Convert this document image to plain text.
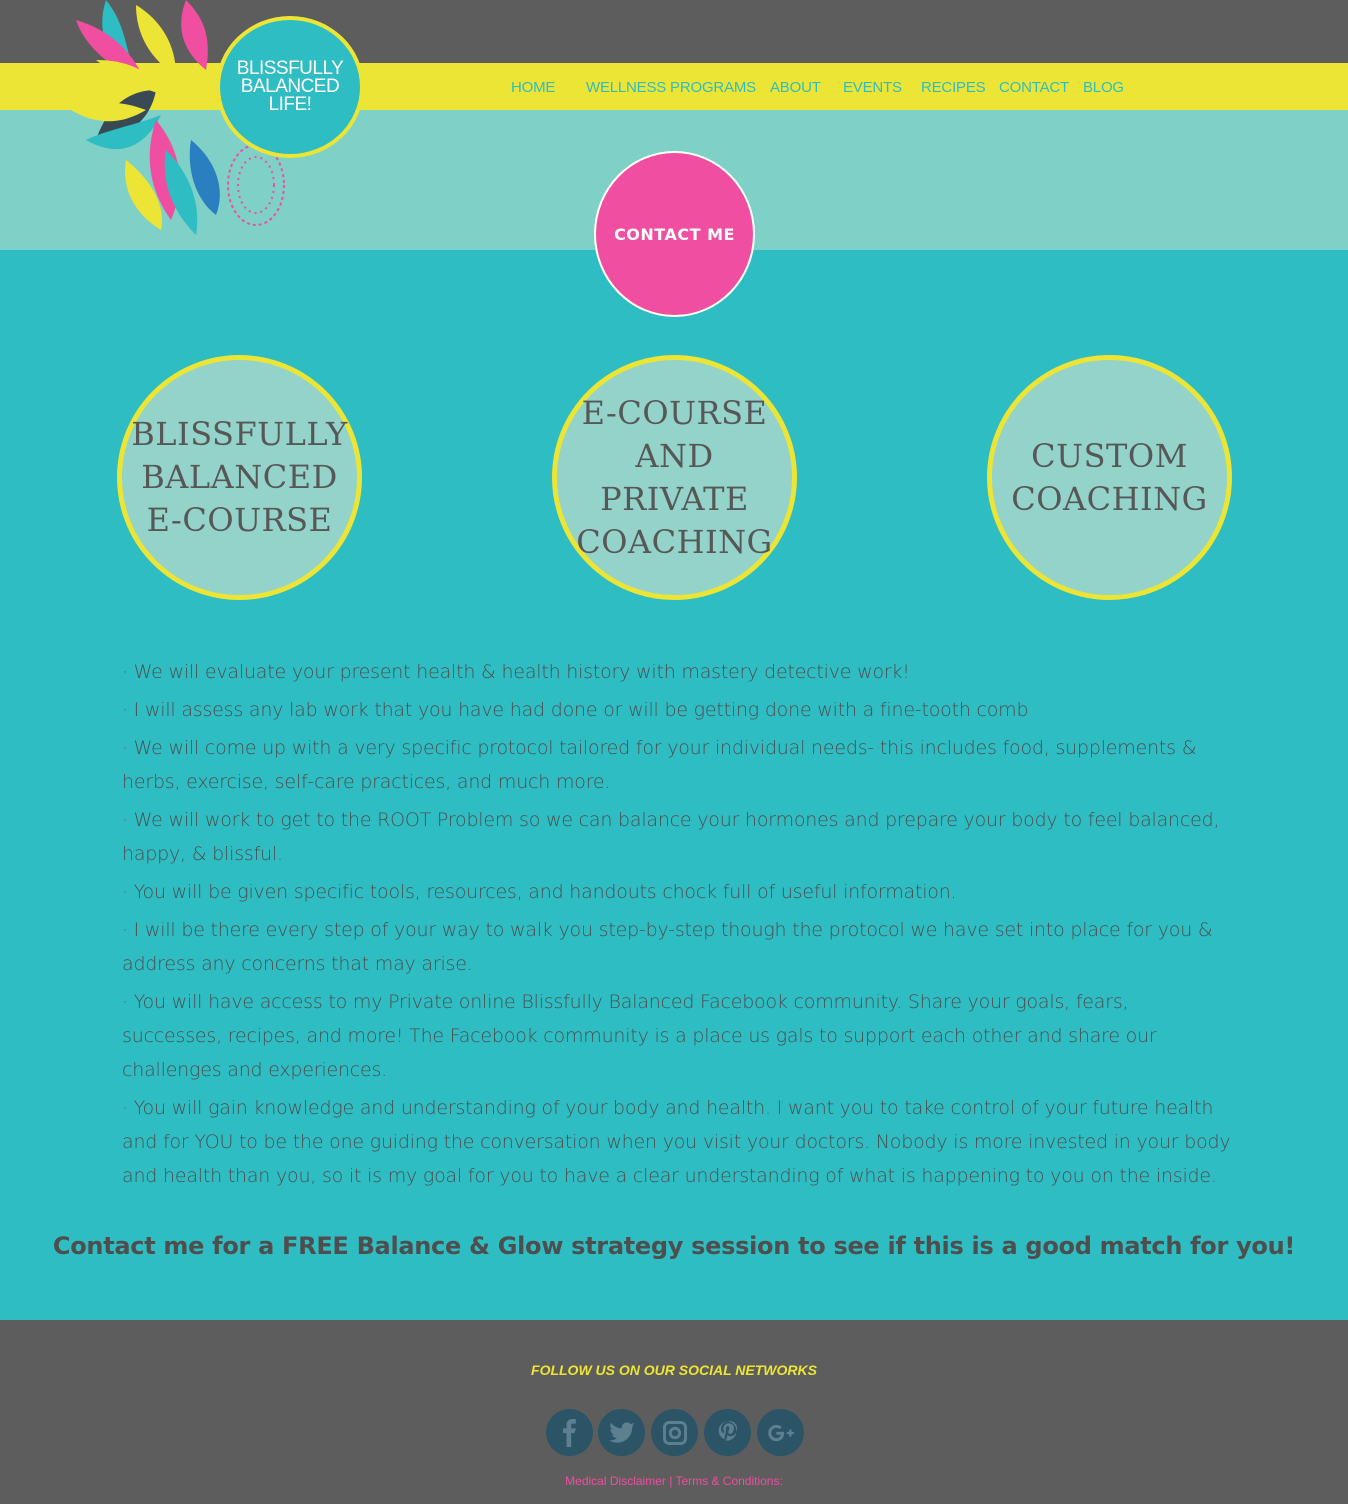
BLISSFULLY
BALANCED
LIFE!
HOME WELLNESS PROGRAMS ABOUT EVENTS RECIPES CONTACT BLOG
CONTACT ME
BLISSFULLY
BALANCED
E-COURSE
E-COURSE
AND PRIVATE
COACHING
CUSTOM
COACHING
· We will evaluate your present health & health history with mastery detective work!
· I will assess any lab work that you have had done or will be getting done with a fine-tooth comb
· We will come up with a very specific protocol tailored for your individual needs- this includes food, supplements & herbs, exercise, self-care practices, and much more.
· We will work to get to the ROOT Problem so we can balance your hormones and prepare your body to feel balanced, happy, & blissful.
· You will be given specific tools, resources, and handouts chock full of useful information.
· I will be there every step of your way to walk you step-by-step though the protocol we have set into place for you & address any concerns that may arise.
· You will have access to my Private online Blissfully Balanced Facebook community. Share your goals, fears, successes, recipes, and more! The Facebook community is a place us gals to support each other and share our challenges and experiences.
· You will gain knowledge and understanding of your body and health. I want you to take control of your future health and for YOU to be the one guiding the conversation when you visit your doctors. Nobody is more invested in your body and health than you, so it is my goal for you to have a clear understanding of what is happening to you on the inside.
Contact me for a FREE Balance & Glow strategy session to see if this is a good match for you!
FOLLOW US ON OUR SOCIAL NETWORKS
Medical Disclaimer | Terms & Conditions:
